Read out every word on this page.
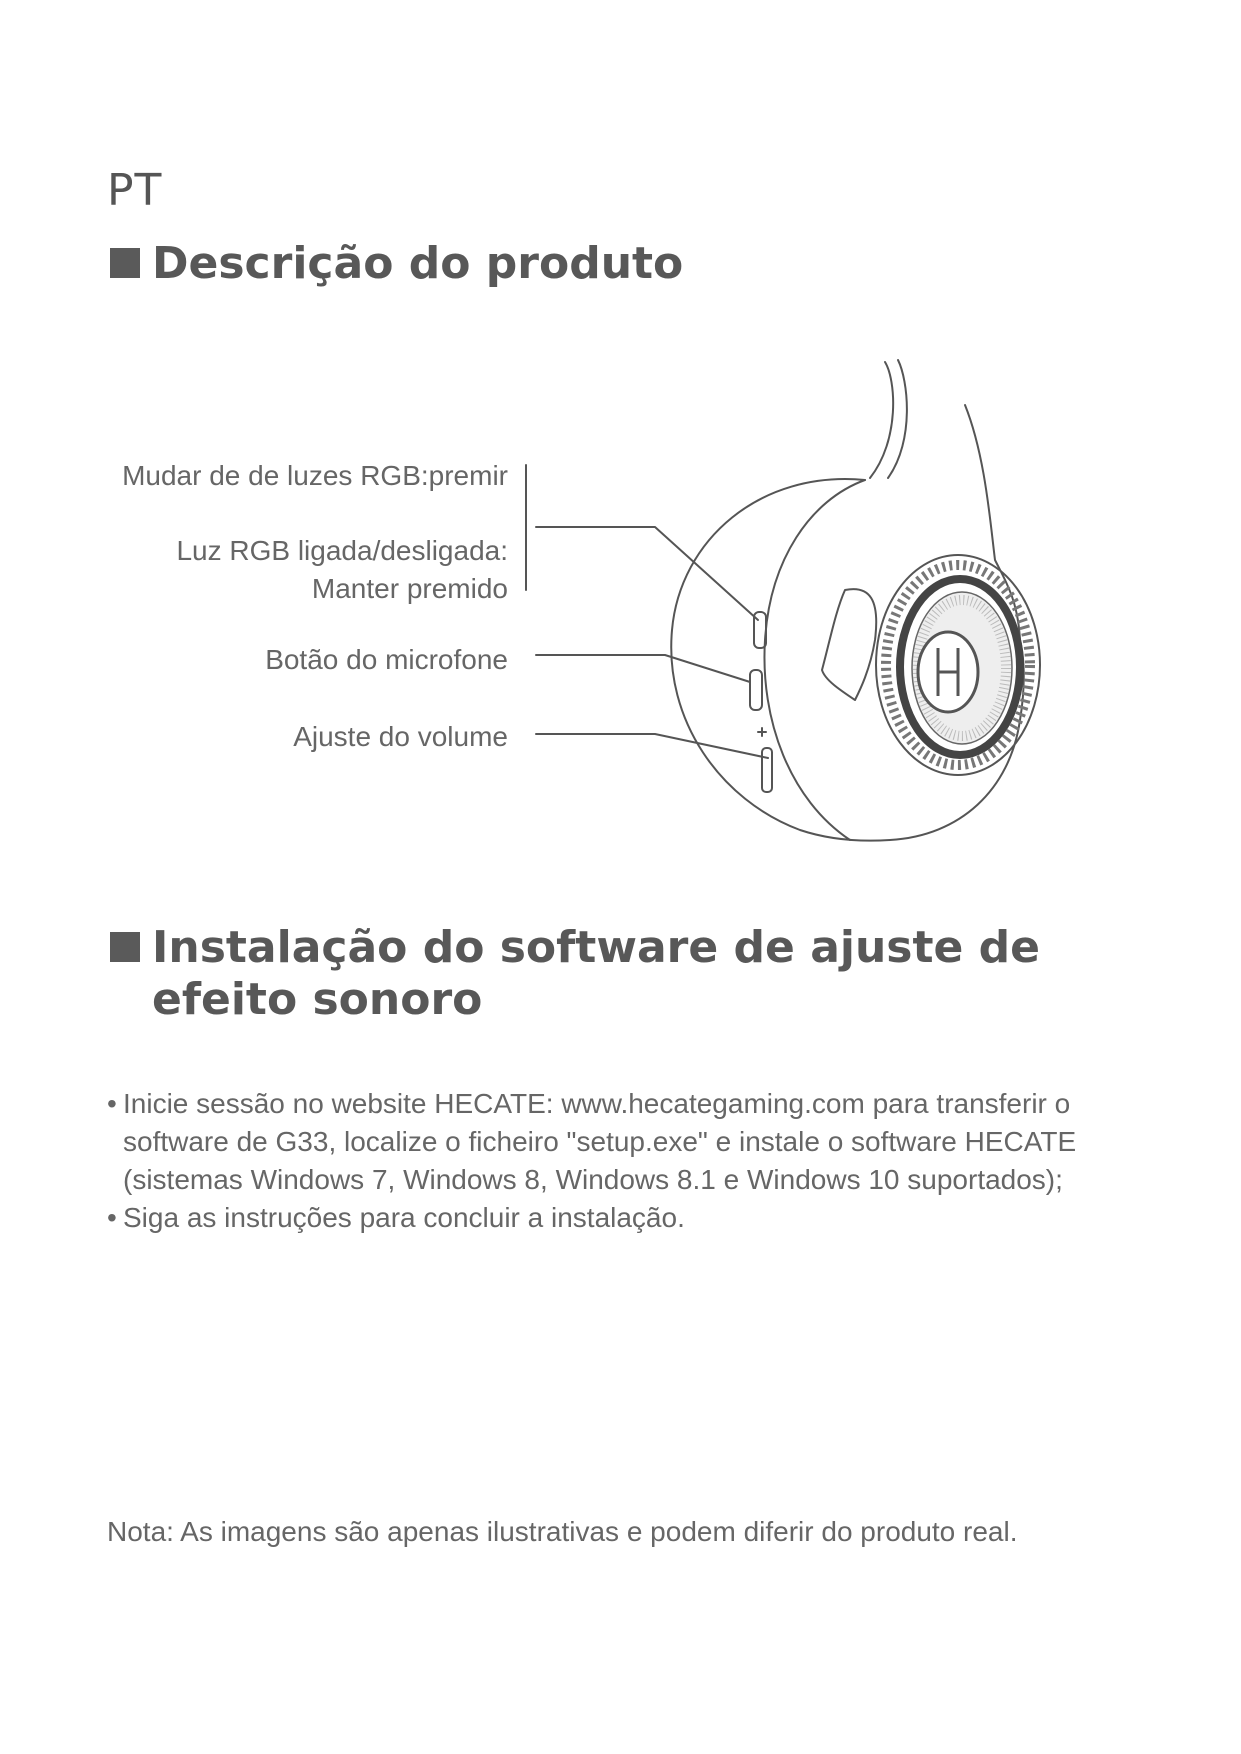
PT
Descrição do produto
Mudar de de luzes RGB:premir
Luz RGB ligada/desligada:
Manter premido
Botão do microfone
Ajuste do volume
Instalação do software de ajuste de efeito sonoro
• Inicie sessão no website HECATE: www.hecategaming.com para transferir o software de G33, localize o ficheiro "setup.exe" e instale o software HECATE (sistemas Windows 7, Windows 8, Windows 8.1 e Windows 10 suportados);
• Siga as instruções para concluir a instalação.

Nota: As imagens são apenas ilustrativas e podem diferir do produto real.
